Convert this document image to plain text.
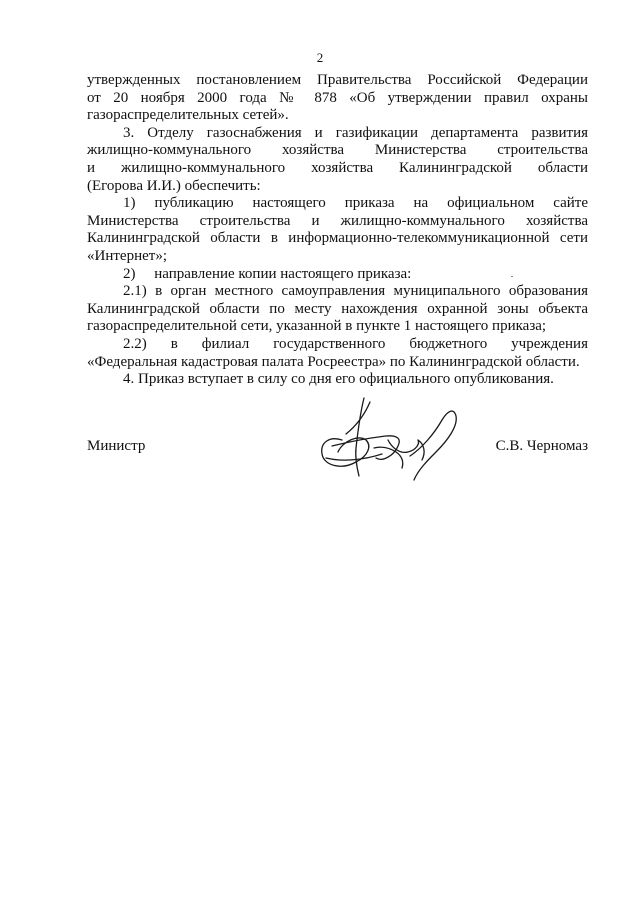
2
утвержденных постановлением Правительства Российской Федерации
от 20 ноября 2000 года № 878 «Об утверждении правил охраны
газораспределительных сетей».
3. Отделу газоснабжения и газификации департамента развития
жилищно-коммунального хозяйства Министерства строительства
и жилищно-коммунального хозяйства Калининградской области
(Егорова И.И.) обеспечить:
1) публикацию настоящего приказа на официальном сайте
Министерства строительства и жилищно-коммунального хозяйства
Калининградской области в информационно-телекоммуникационной сети
«Интернет»;
2)     направление копии настоящего приказа:
2.1) в орган местного самоуправления муниципального образования
Калининградской области по месту нахождения охранной зоны объекта
газораспределительной сети, указанной в пункте 1 настоящего приказа;
2.2) в филиал государственного бюджетного учреждения
«Федеральная кадастровая палата Росреестра» по Калининградской области.
4. Приказ вступает в силу со дня его официального опубликования.
Министр	С.В. Черномаз
